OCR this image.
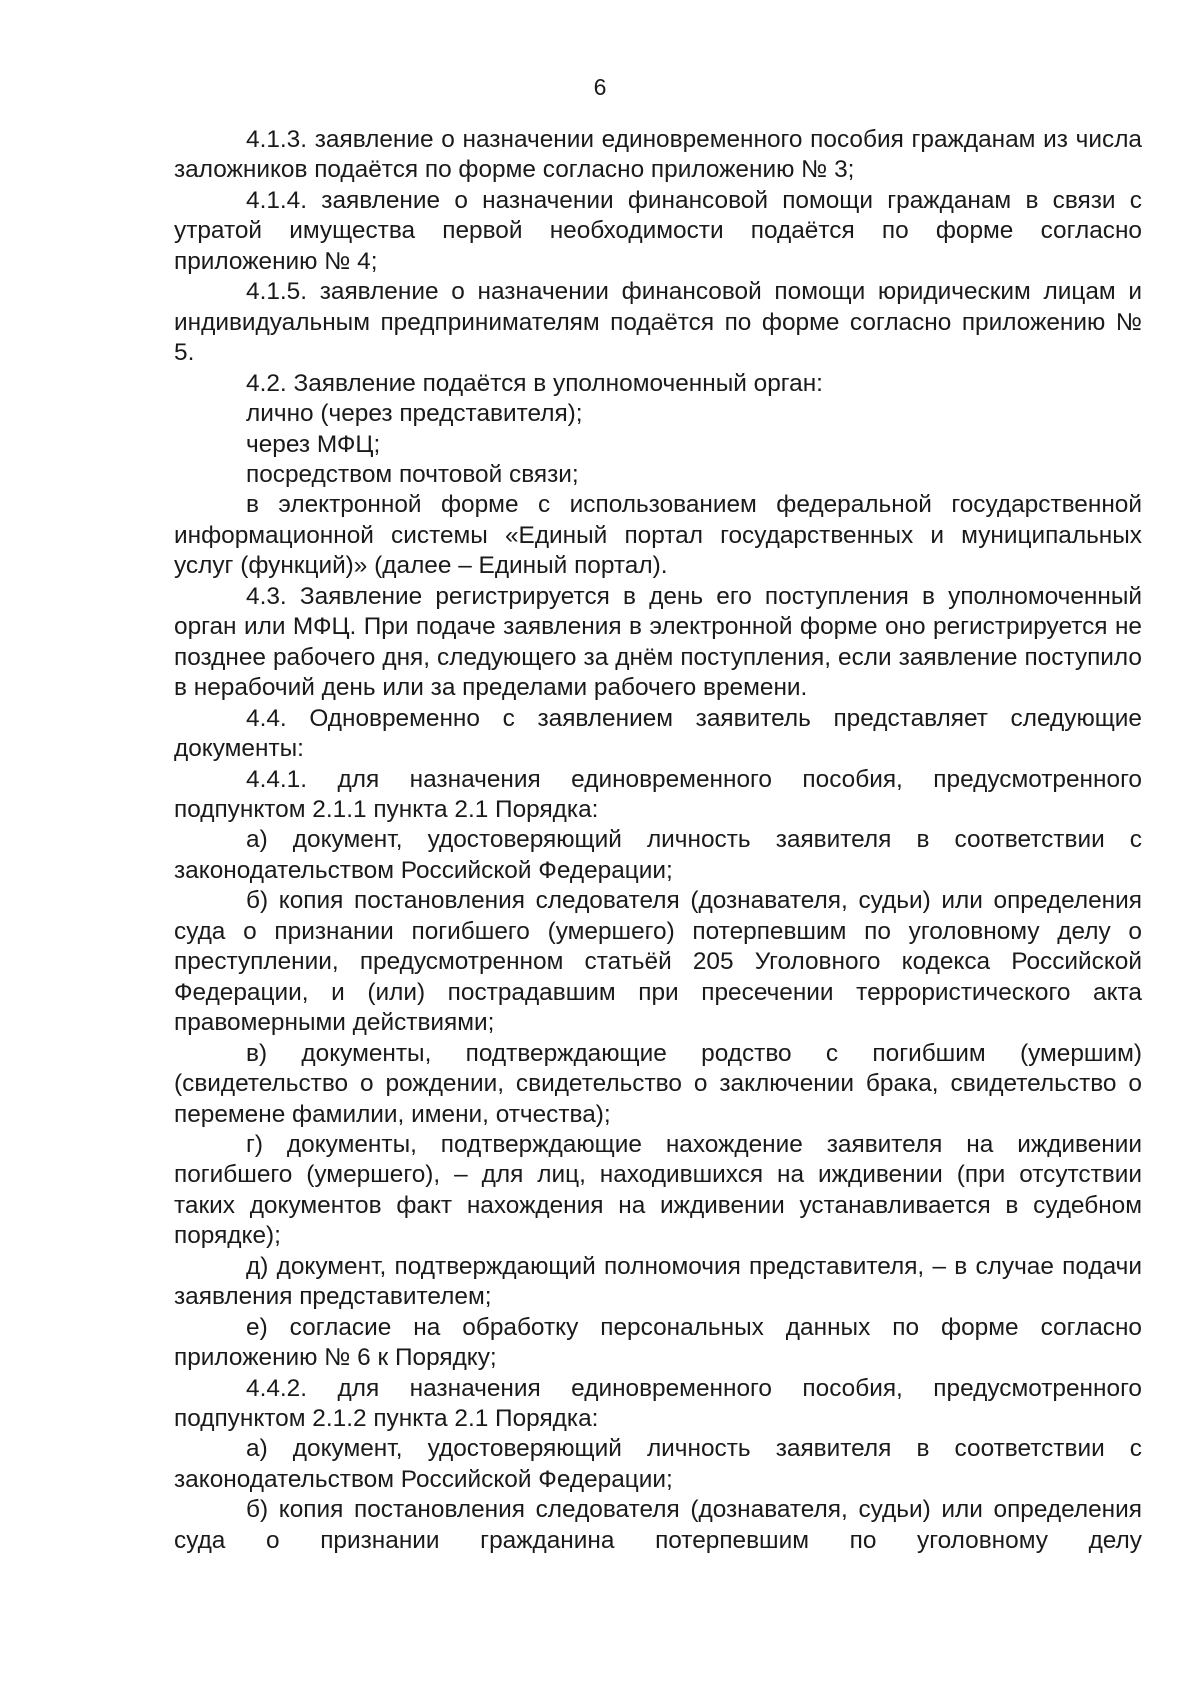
6

4.1.3. заявление о назначении единовременного пособия гражданам из числа заложников подаётся по форме согласно приложению № 3;

4.1.4. заявление о назначении финансовой помощи гражданам в связи с утратой имущества первой необходимости подаётся по форме согласно приложению № 4;

4.1.5. заявление о назначении финансовой помощи юридическим лицам и индивидуальным предпринимателям подаётся по форме согласно приложению № 5.

4.2. Заявление подаётся в уполномоченный орган:

лично (через представителя);

через МФЦ;

посредством почтовой связи;

в электронной форме с использованием федеральной государственной информационной системы «Единый портал государственных и муниципальных услуг (функций)» (далее – Единый портал).

4.3. Заявление регистрируется в день его поступления в уполномоченный орган или МФЦ. При подаче заявления в электронной форме оно регистрируется не позднее рабочего дня, следующего за днём поступления, если заявление поступило в нерабочий день или за пределами рабочего времени.

4.4. Одновременно с заявлением заявитель представляет следующие документы:

4.4.1. для назначения единовременного пособия, предусмотренного подпунктом 2.1.1 пункта 2.1 Порядка:

а) документ, удостоверяющий личность заявителя в соответствии с законодательством Российской Федерации;

б) копия постановления следователя (дознавателя, судьи) или определения суда о признании погибшего (умершего) потерпевшим по уголовному делу о преступлении, предусмотренном статьёй 205 Уголовного кодекса Российской Федерации, и (или) пострадавшим при пресечении террористического акта правомерными действиями;

в) документы, подтверждающие родство с погибшим (умершим) (свидетельство о рождении, свидетельство о заключении брака, свидетельство о перемене фамилии, имени, отчества);

г) документы, подтверждающие нахождение заявителя на иждивении погибшего (умершего), – для лиц, находившихся на иждивении (при отсутствии таких документов факт нахождения на иждивении устанавливается в судебном порядке);

д) документ, подтверждающий полномочия представителя, – в случае подачи заявления представителем;

е) согласие на обработку персональных данных по форме согласно приложению № 6 к Порядку;

4.4.2. для назначения единовременного пособия, предусмотренного подпунктом 2.1.2 пункта 2.1 Порядка:

а) документ, удостоверяющий личность заявителя в соответствии с законодательством Российской Федерации;

б) копия постановления следователя (дознавателя, судьи) или определения суда о признании гражданина потерпевшим по уголовному делу
